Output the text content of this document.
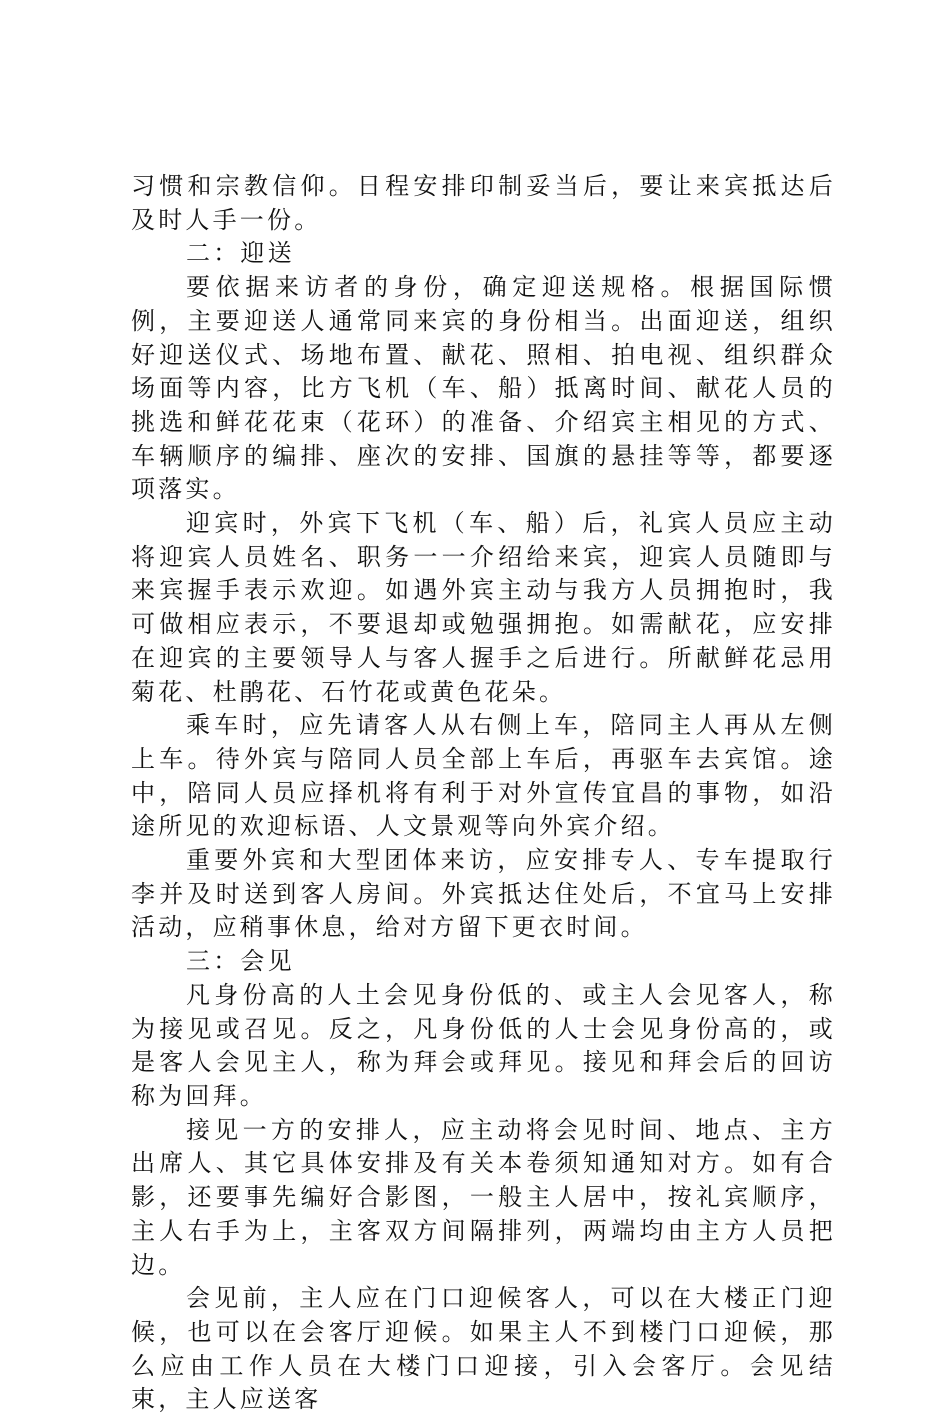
习惯和宗教信仰。日程安排印制妥当后，要让来宾抵达后及时人手一份。

二：迎送

要依据来访者的身份，确定迎送规格。根据国际惯例，主要迎送人通常同来宾的身份相当。出面迎送，组织好迎送仪式、场地布置、献花、照相、拍电视、组织群众场面等内容，比方飞机（车、船）抵离时间、献花人员的挑选和鲜花花束（花环）的准备、介绍宾主相见的方式、车辆顺序的编排、座次的安排、国旗的悬挂等等，都要逐项落实。

迎宾时，外宾下飞机（车、船）后，礼宾人员应主动将迎宾人员姓名、职务一一介绍给来宾，迎宾人员随即与来宾握手表示欢迎。如遇外宾主动与我方人员拥抱时，我可做相应表示，不要退却或勉强拥抱。如需献花，应安排在迎宾的主要领导人与客人握手之后进行。所献鲜花忌用菊花、杜鹃花、石竹花或黄色花朵。

乘车时，应先请客人从右侧上车，陪同主人再从左侧上车。待外宾与陪同人员全部上车后，再驱车去宾馆。途中，陪同人员应择机将有利于对外宣传宜昌的事物，如沿途所见的欢迎标语、人文景观等向外宾介绍。

重要外宾和大型团体来访，应安排专人、专车提取行李并及时送到客人房间。外宾抵达住处后，不宜马上安排活动，应稍事休息，给对方留下更衣时间。

三：会见

凡身份高的人土会见身份低的、或主人会见客人，称为接见或召见。反之，凡身份低的人士会见身份高的，或是客人会见主人，称为拜会或拜见。接见和拜会后的回访称为回拜。

接见一方的安排人，应主动将会见时间、地点、主方出席人、其它具体安排及有关本卷须知通知对方。如有合影，还要事先编好合影图，一般主人居中，按礼宾顺序，主人右手为上，主客双方间隔排列，两端均由主方人员把边。

会见前，主人应在门口迎候客人，可以在大楼正门迎候，也可以在会客厅迎候。如果主人不到楼门口迎候，那么应由工作人员在大楼门口迎接，引入会客厅。会见结束，主人应送客
